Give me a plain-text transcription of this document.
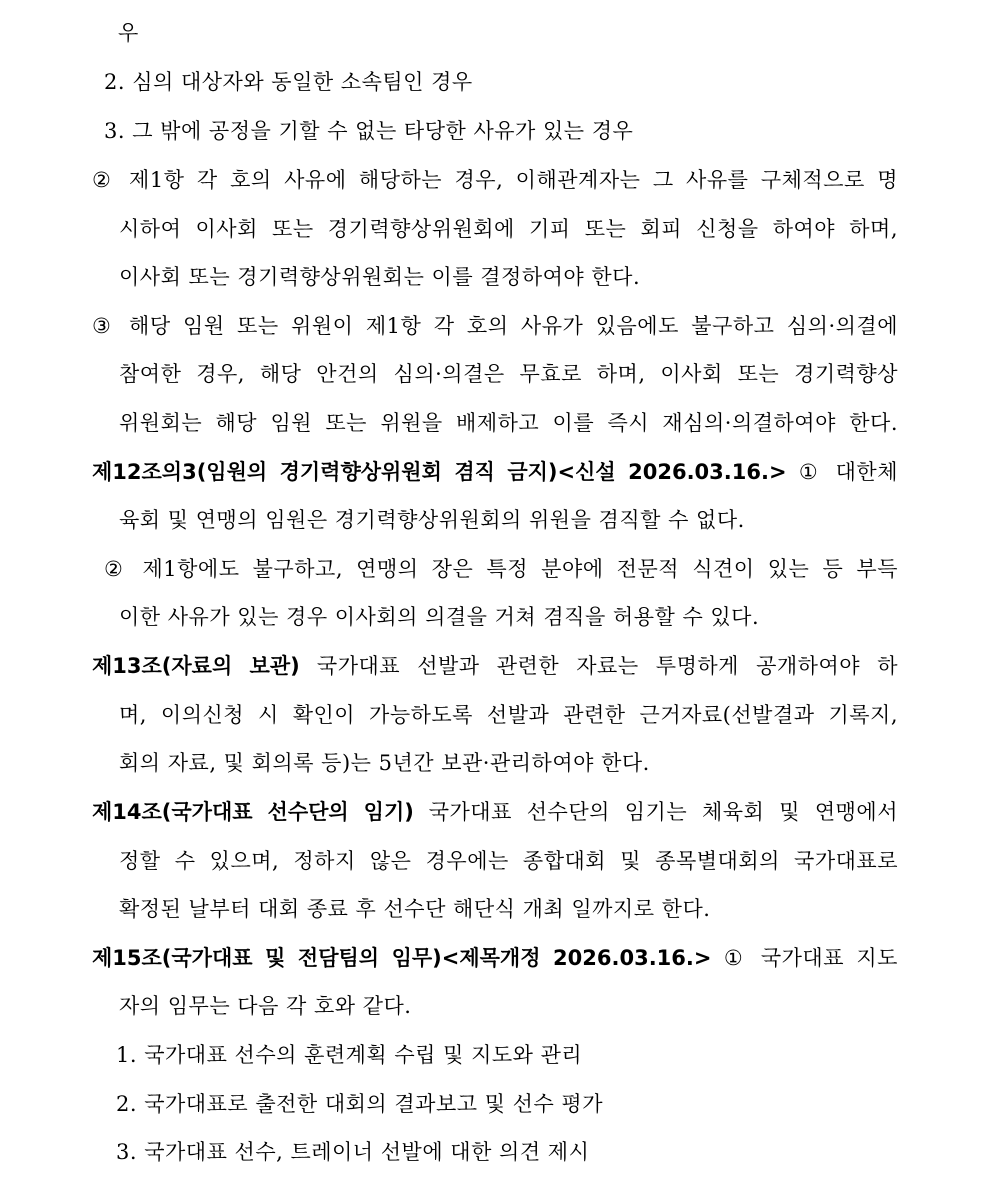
우
2. 심의 대상자와 동일한 소속팀인 경우
3. 그 밖에 공정을 기할 수 없는 타당한 사유가 있는 경우
② 제1항 각 호의 사유에 해당하는 경우, 이해관계자는 그 사유를 구체적으로 명
시하여 이사회 또는 경기력향상위원회에 기피 또는 회피 신청을 하여야 하며,
이사회 또는 경기력향상위원회는 이를 결정하여야 한다.
③ 해당 임원 또는 위원이 제1항 각 호의 사유가 있음에도 불구하고 심의·의결에
참여한 경우, 해당 안건의 심의·의결은 무효로 하며, 이사회 또는 경기력향상
위원회는 해당 임원 또는 위원을 배제하고 이를 즉시 재심의·의결하여야 한다.
제12조의3(임원의 경기력향상위원회 겸직 금지)<신설 2026.03.16.> ① 대한체
육회 및 연맹의 임원은 경기력향상위원회의 위원을 겸직할 수 없다.
② 제1항에도 불구하고, 연맹의 장은 특정 분야에 전문적 식견이 있는 등 부득
이한 사유가 있는 경우 이사회의 의결을 거쳐 겸직을 허용할 수 있다.
제13조(자료의 보관) 국가대표 선발과 관련한 자료는 투명하게 공개하여야 하
며, 이의신청 시 확인이 가능하도록 선발과 관련한 근거자료(선발결과 기록지,
회의 자료, 및 회의록 등)는 5년간 보관·관리하여야 한다.
제14조(국가대표 선수단의 임기) 국가대표 선수단의 임기는 체육회 및 연맹에서
정할 수 있으며, 정하지 않은 경우에는 종합대회 및 종목별대회의 국가대표로
확정된 날부터 대회 종료 후 선수단 해단식 개최 일까지로 한다.
제15조(국가대표 및 전담팀의 임무)<제목개정 2026.03.16.> ① 국가대표 지도
자의 임무는 다음 각 호와 같다.
1. 국가대표 선수의 훈련계획 수립 및 지도와 관리
2. 국가대표로 출전한 대회의 결과보고 및 선수 평가
3. 국가대표 선수, 트레이너 선발에 대한 의견 제시
